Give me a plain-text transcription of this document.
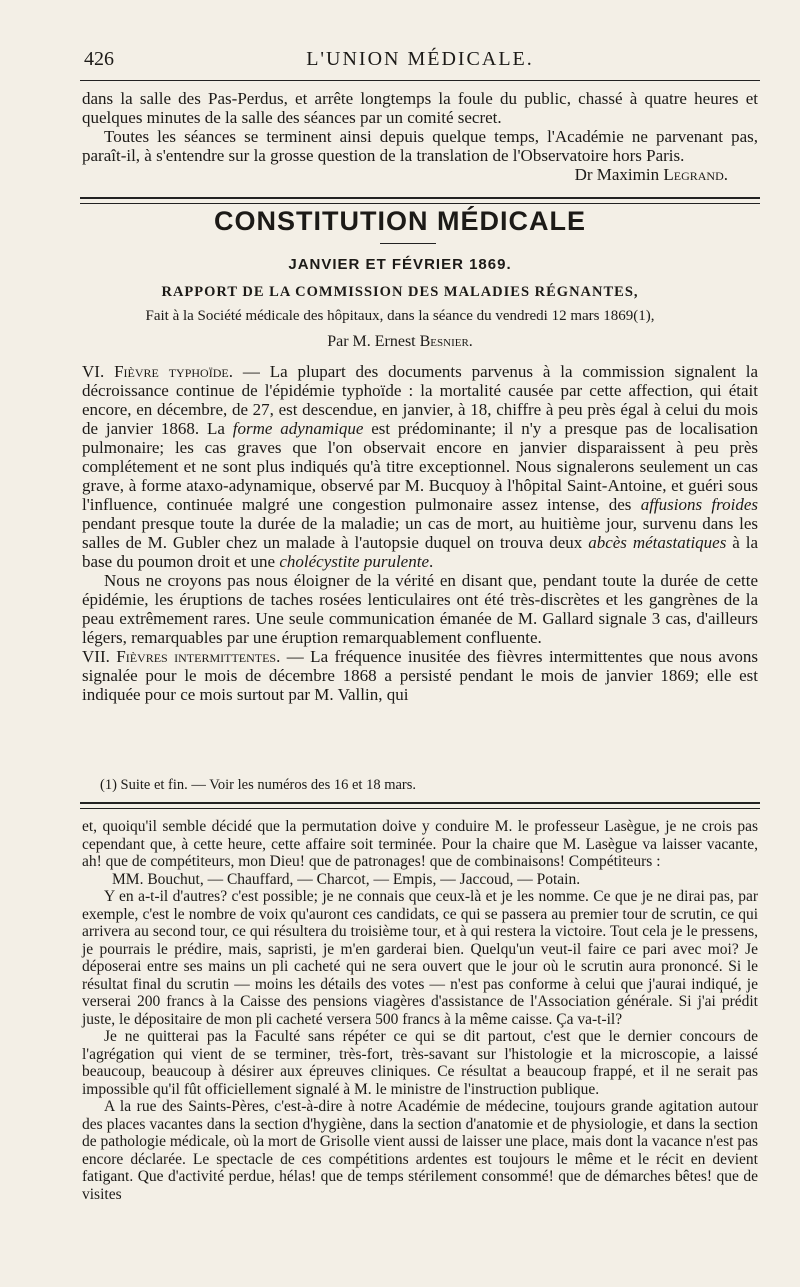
426	L'UNION MÉDICALE.

dans la salle des Pas-Perdus, et arrête longtemps la foule du public, chassé à quatre heures et quelques minutes de la salle des séances par un comité secret.

Toutes les séances se terminent ainsi depuis quelque temps, l'Académie ne parvenant pas, paraît-il, à s'entendre sur la grosse question de la translation de l'Observatoire hors Paris.

Dr Maximin Legrand.

CONSTITUTION MÉDICALE
JANVIER ET FÉVRIER 1869.
RAPPORT DE LA COMMISSION DES MALADIES RÉGNANTES,
Fait à la Société médicale des hôpitaux, dans la séance du vendredi 12 mars 1869(1),
Par M. Ernest Besnier.

VI. Fièvre typhoïde. — La plupart des documents parvenus à la commission signalent la décroissance continue de l'épidémie typhoïde : la mortalité causée par cette affection, qui était encore, en décembre, de 27, est descendue, en janvier, à 18, chiffre à peu près égal à celui du mois de janvier 1868. La forme adynamique est prédominante; il n'y a presque pas de localisation pulmonaire; les cas graves que l'on observait encore en janvier disparaissent à peu près complétement et ne sont plus indiqués qu'à titre exceptionnel. Nous signalerons seulement un cas grave, à forme ataxo-adynamique, observé par M. Bucquoy à l'hôpital Saint-Antoine, et guéri sous l'influence, continuée malgré une congestion pulmonaire assez intense, des affusions froides pendant presque toute la durée de la maladie; un cas de mort, au huitième jour, survenu dans les salles de M. Gubler chez un malade à l'autopsie duquel on trouva deux abcès métastatiques à la base du poumon droit et une cholécystite purulente.

Nous ne croyons pas nous éloigner de la vérité en disant que, pendant toute la durée de cette épidémie, les éruptions de taches rosées lenticulaires ont été très-discrètes et les gangrènes de la peau extrêmement rares. Une seule communication émanée de M. Gallard signale 3 cas, d'ailleurs légers, remarquables par une éruption remarquablement confluente.

VII. Fièvres intermittentes. — La fréquence inusitée des fièvres intermittentes que nous avons signalée pour le mois de décembre 1868 a persisté pendant le mois de janvier 1869; elle est indiquée pour ce mois surtout par M. Vallin, qui

(1) Suite et fin. — Voir les numéros des 16 et 18 mars.

et, quoiqu'il semble décidé que la permutation doive y conduire M. le professeur Lasègue, je ne crois pas cependant que, à cette heure, cette affaire soit terminée. Pour la chaire que M. Lasègue va laisser vacante, ah! que de compétiteurs, mon Dieu! que de patronages! que de combinaisons! Compétiteurs :

MM. Bouchut, — Chauffard, — Charcot, — Empis, — Jaccoud, — Potain.

Y en a-t-il d'autres? c'est possible; je ne connais que ceux-là et je les nomme. Ce que je ne dirai pas, par exemple, c'est le nombre de voix qu'auront ces candidats, ce qui se passera au premier tour de scrutin, ce qui arrivera au second tour, ce qui résultera du troisième tour, et à qui restera la victoire. Tout cela je le pressens, je pourrais le prédire, mais, sapristi, je m'en garderai bien. Quelqu'un veut-il faire ce pari avec moi? Je déposerai entre ses mains un pli cacheté qui ne sera ouvert que le jour où le scrutin aura prononcé. Si le résultat final du scrutin — moins les détails des votes — n'est pas conforme à celui que j'aurai indiqué, je verserai 200 francs à la Caisse des pensions viagères d'assistance de l'Association générale. Si j'ai prédit juste, le dépositaire de mon pli cacheté versera 500 francs à la même caisse. Ça va-t-il?

Je ne quitterai pas la Faculté sans répéter ce qui se dit partout, c'est que le dernier concours de l'agrégation qui vient de se terminer, très-fort, très-savant sur l'histologie et la microscopie, a laissé beaucoup, beaucoup à désirer aux épreuves cliniques. Ce résultat a beaucoup frappé, et il ne serait pas impossible qu'il fût officiellement signalé à M. le ministre de l'instruction publique.

A la rue des Saints-Pères, c'est-à-dire à notre Académie de médecine, toujours grande agitation autour des places vacantes dans la section d'hygiène, dans la section d'anatomie et de physiologie, et dans la section de pathologie médicale, où la mort de Grisolle vient aussi de laisser une place, mais dont la vacance n'est pas encore déclarée. Le spectacle de ces compétitions ardentes est toujours le même et le récit en devient fatigant. Que d'activité perdue, hélas! que de temps stérilement consommé! que de démarches bêtes! que de visites
